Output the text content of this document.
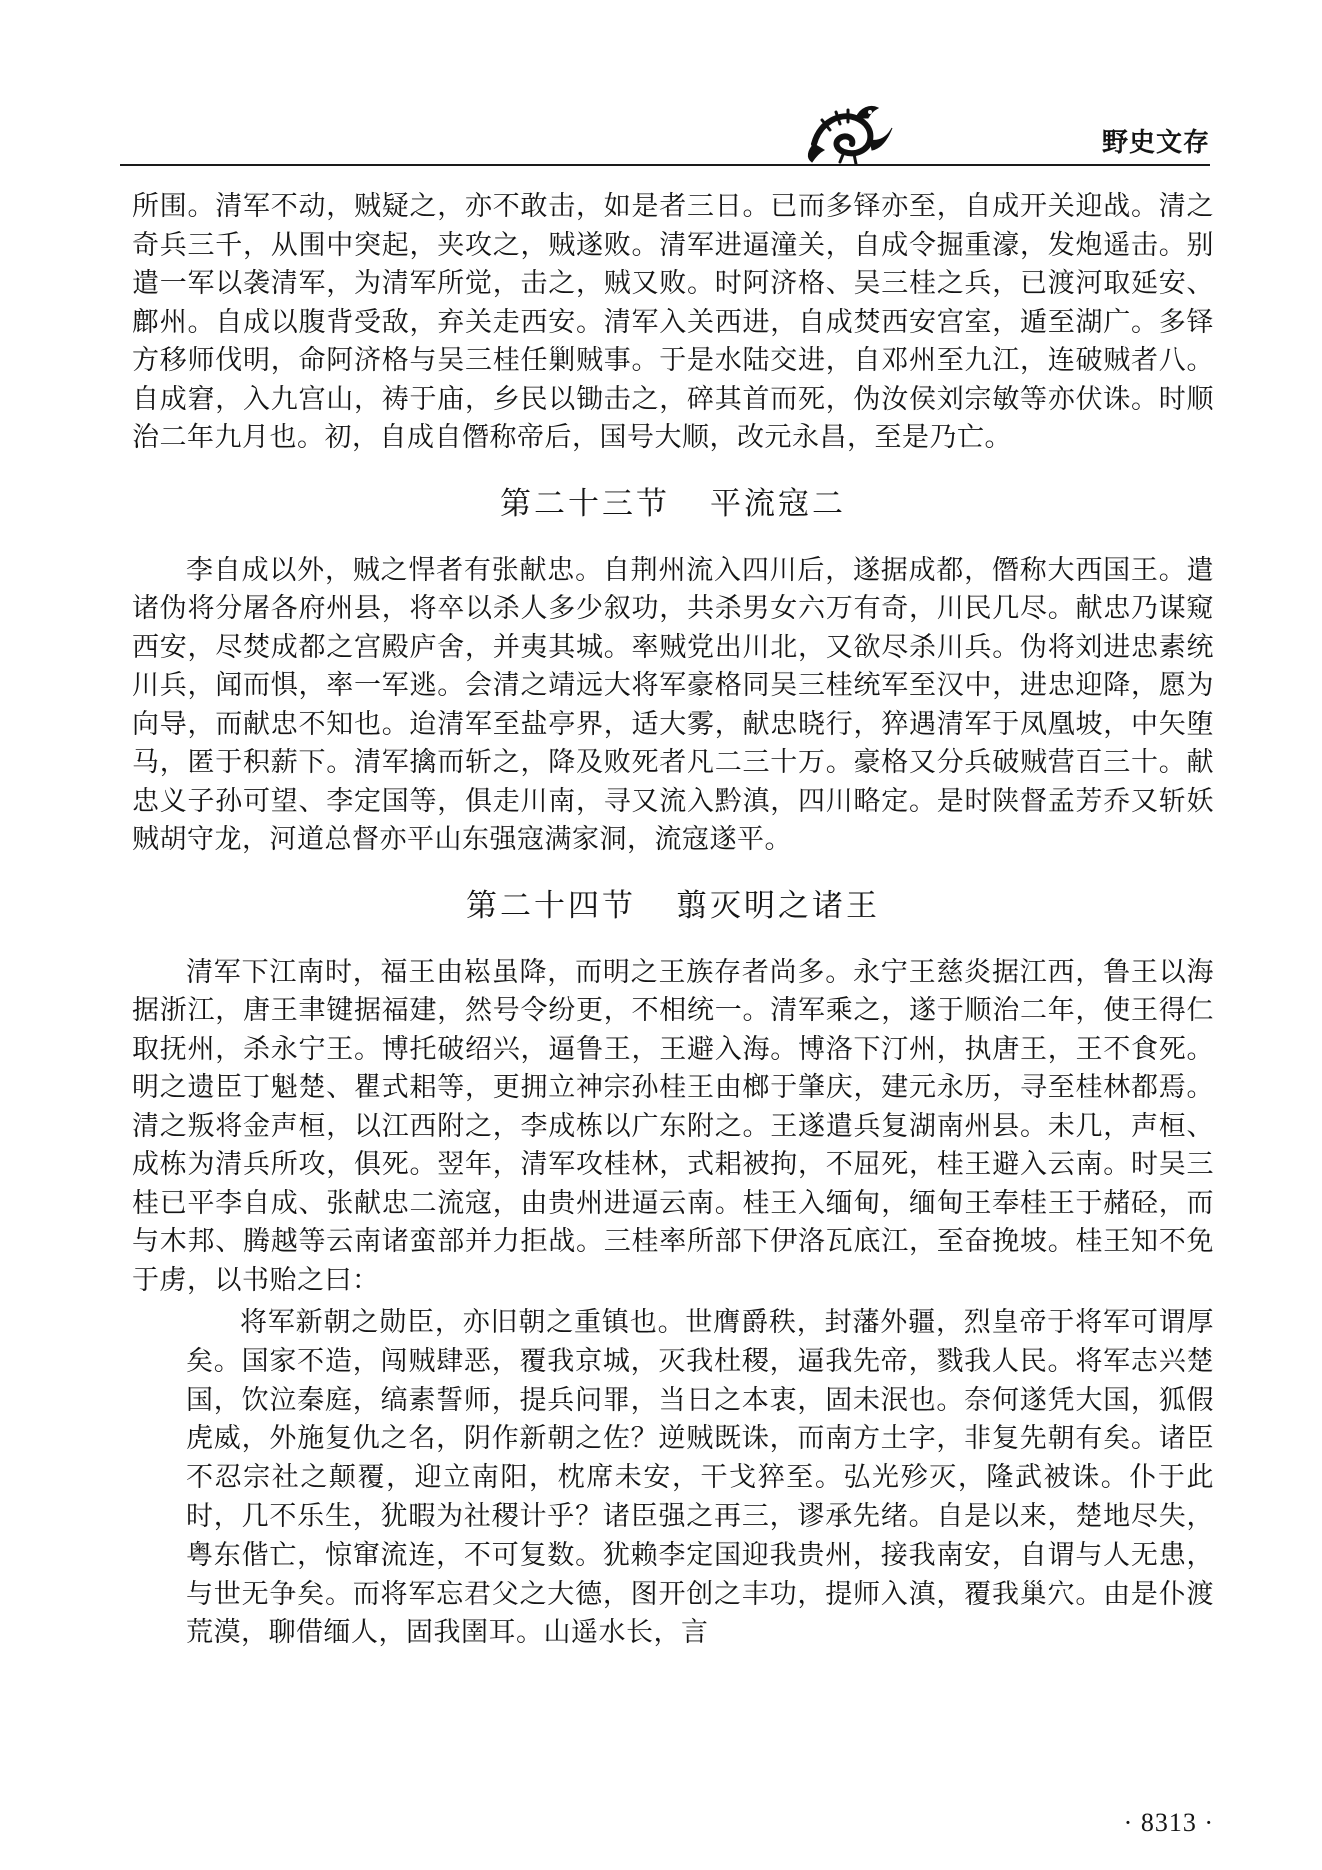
野史文存

所围。清军不动，贼疑之，亦不敢击，如是者三日。已而多铎亦至，自成开关迎战。清之奇兵三千，从围中突起，夹攻之，贼遂败。清军进逼潼关，自成令掘重濠，发炮遥击。别遣一军以袭清军，为清军所觉，击之，贼又败。时阿济格、吴三桂之兵，已渡河取延安、鄜州。自成以腹背受敌，弃关走西安。清军入关西进，自成焚西安宫室，遁至湖广。多铎方移师伐明，命阿济格与吴三桂任剿贼事。于是水陆交进，自邓州至九江，连破贼者八。自成窘，入九宫山，祷于庙，乡民以锄击之，碎其首而死，伪汝侯刘宗敏等亦伏诛。时顺治二年九月也。初，自成自僭称帝后，国号大顺，改元永昌，至是乃亡。

第二十三节 平流寇二

李自成以外，贼之悍者有张献忠。自荆州流入四川后，遂据成都，僭称大西国王。遣诸伪将分屠各府州县，将卒以杀人多少叙功，共杀男女六万有奇，川民几尽。献忠乃谋窥西安，尽焚成都之宫殿庐舍，并夷其城。率贼党出川北，又欲尽杀川兵。伪将刘进忠素统川兵，闻而惧，率一军逃。会清之靖远大将军豪格同吴三桂统军至汉中，进忠迎降，愿为向导，而献忠不知也。迨清军至盐亭界，适大雾，献忠晓行，猝遇清军于凤凰坡，中矢堕马，匿于积薪下。清军擒而斩之，降及败死者凡二三十万。豪格又分兵破贼营百三十。献忠义子孙可望、李定国等，俱走川南，寻又流入黔滇，四川略定。是时陕督孟芳乔又斩妖贼胡守龙，河道总督亦平山东强寇满家洞，流寇遂平。

第二十四节 翦灭明之诸王

清军下江南时，福王由崧虽降，而明之王族存者尚多。永宁王慈炎据江西，鲁王以海据浙江，唐王聿键据福建，然号令纷更，不相统一。清军乘之，遂于顺治二年，使王得仁取抚州，杀永宁王。博托破绍兴，逼鲁王，王避入海。博洛下汀州，执唐王，王不食死。明之遗臣丁魁楚、瞿式耜等，更拥立神宗孙桂王由榔于肇庆，建元永历，寻至桂林都焉。清之叛将金声桓，以江西附之，李成栋以广东附之。王遂遣兵复湖南州县。未几，声桓、成栋为清兵所攻，俱死。翌年，清军攻桂林，式耜被拘，不屈死，桂王避入云南。时吴三桂已平李自成、张献忠二流寇，由贵州进逼云南。桂王入缅甸，缅甸王奉桂王于赭硁，而与木邦、腾越等云南诸蛮部并力拒战。三桂率所部下伊洛瓦底江，至奋挽坡。桂王知不免于虏，以书贻之曰：

将军新朝之勋臣，亦旧朝之重镇也。世膺爵秩，封藩外疆，烈皇帝于将军可谓厚矣。国家不造，闯贼肆恶，覆我京城，灭我杜稷，逼我先帝，戮我人民。将军志兴楚国，饮泣秦庭，缟素誓师，提兵问罪，当日之本衷，固未泯也。奈何遂凭大国，狐假虎威，外施复仇之名，阴作新朝之佐？逆贼既诛，而南方土字，非复先朝有矣。诸臣不忍宗社之颠覆，迎立南阳，枕席未安，干戈猝至。弘光殄灭，隆武被诛。仆于此时，几不乐生，犹暇为社稷计乎？诸臣强之再三，谬承先绪。自是以来，楚地尽失，粤东偕亡，惊窜流连，不可复数。犹赖李定国迎我贵州，接我南安，自谓与人无患，与世无争矣。而将军忘君父之大德，图开创之丰功，提师入滇，覆我巢穴。由是仆渡荒漠，聊借缅人，固我圉耳。山遥水长，言

· 8313 ·
